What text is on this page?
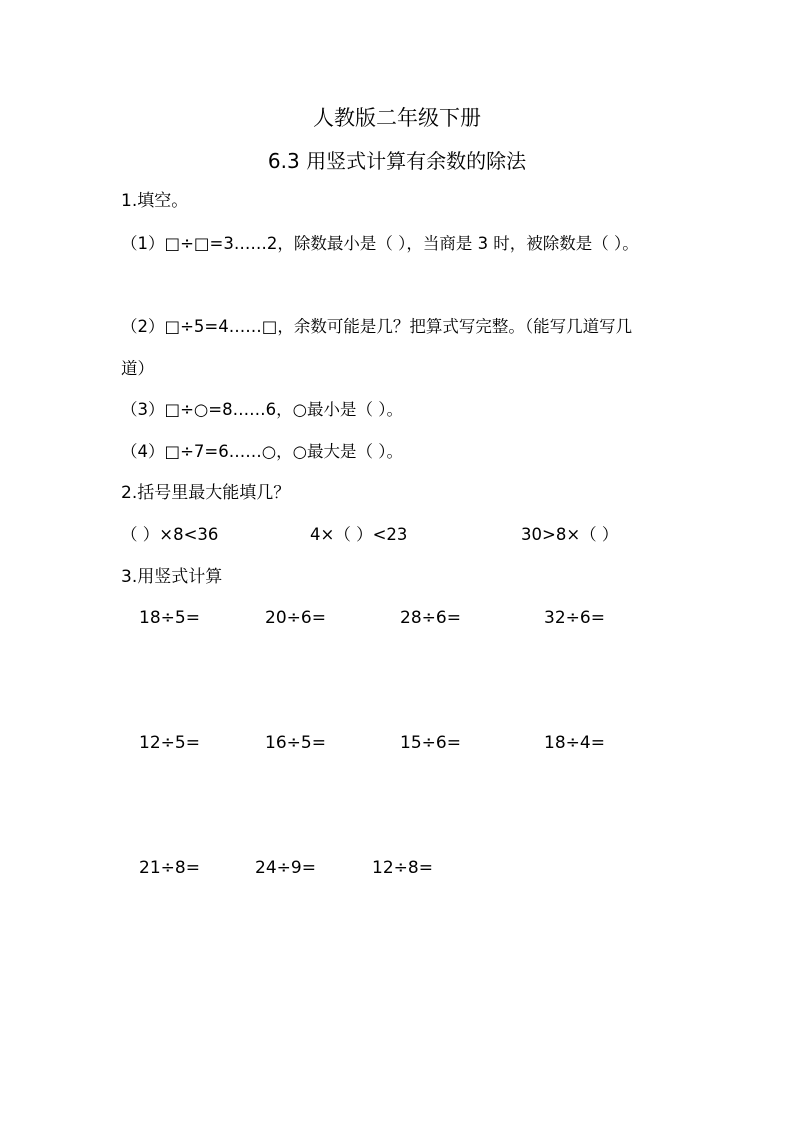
人教版二年级下册
6.3 用竖式计算有余数的除法
1.填空。
（1）□÷□=3……2，除数最小是（ ），当商是 3 时，被除数是（ ）。
（2）□÷5=4……□，余数可能是几？把算式写完整。（能写几道写几
道）
（3）□÷○=8……6，○最小是（ ）。
（4）□÷7=6……○，○最大是（ ）。
2.括号里最大能填几？
（ ）×8<36	4×（ ）<23	30>8×（ ）
3.用竖式计算
18÷5=	20÷6=	28÷6=	32÷6=
12÷5=	16÷5=	15÷6=	18÷4=
21÷8=	24÷9=	12÷8=
